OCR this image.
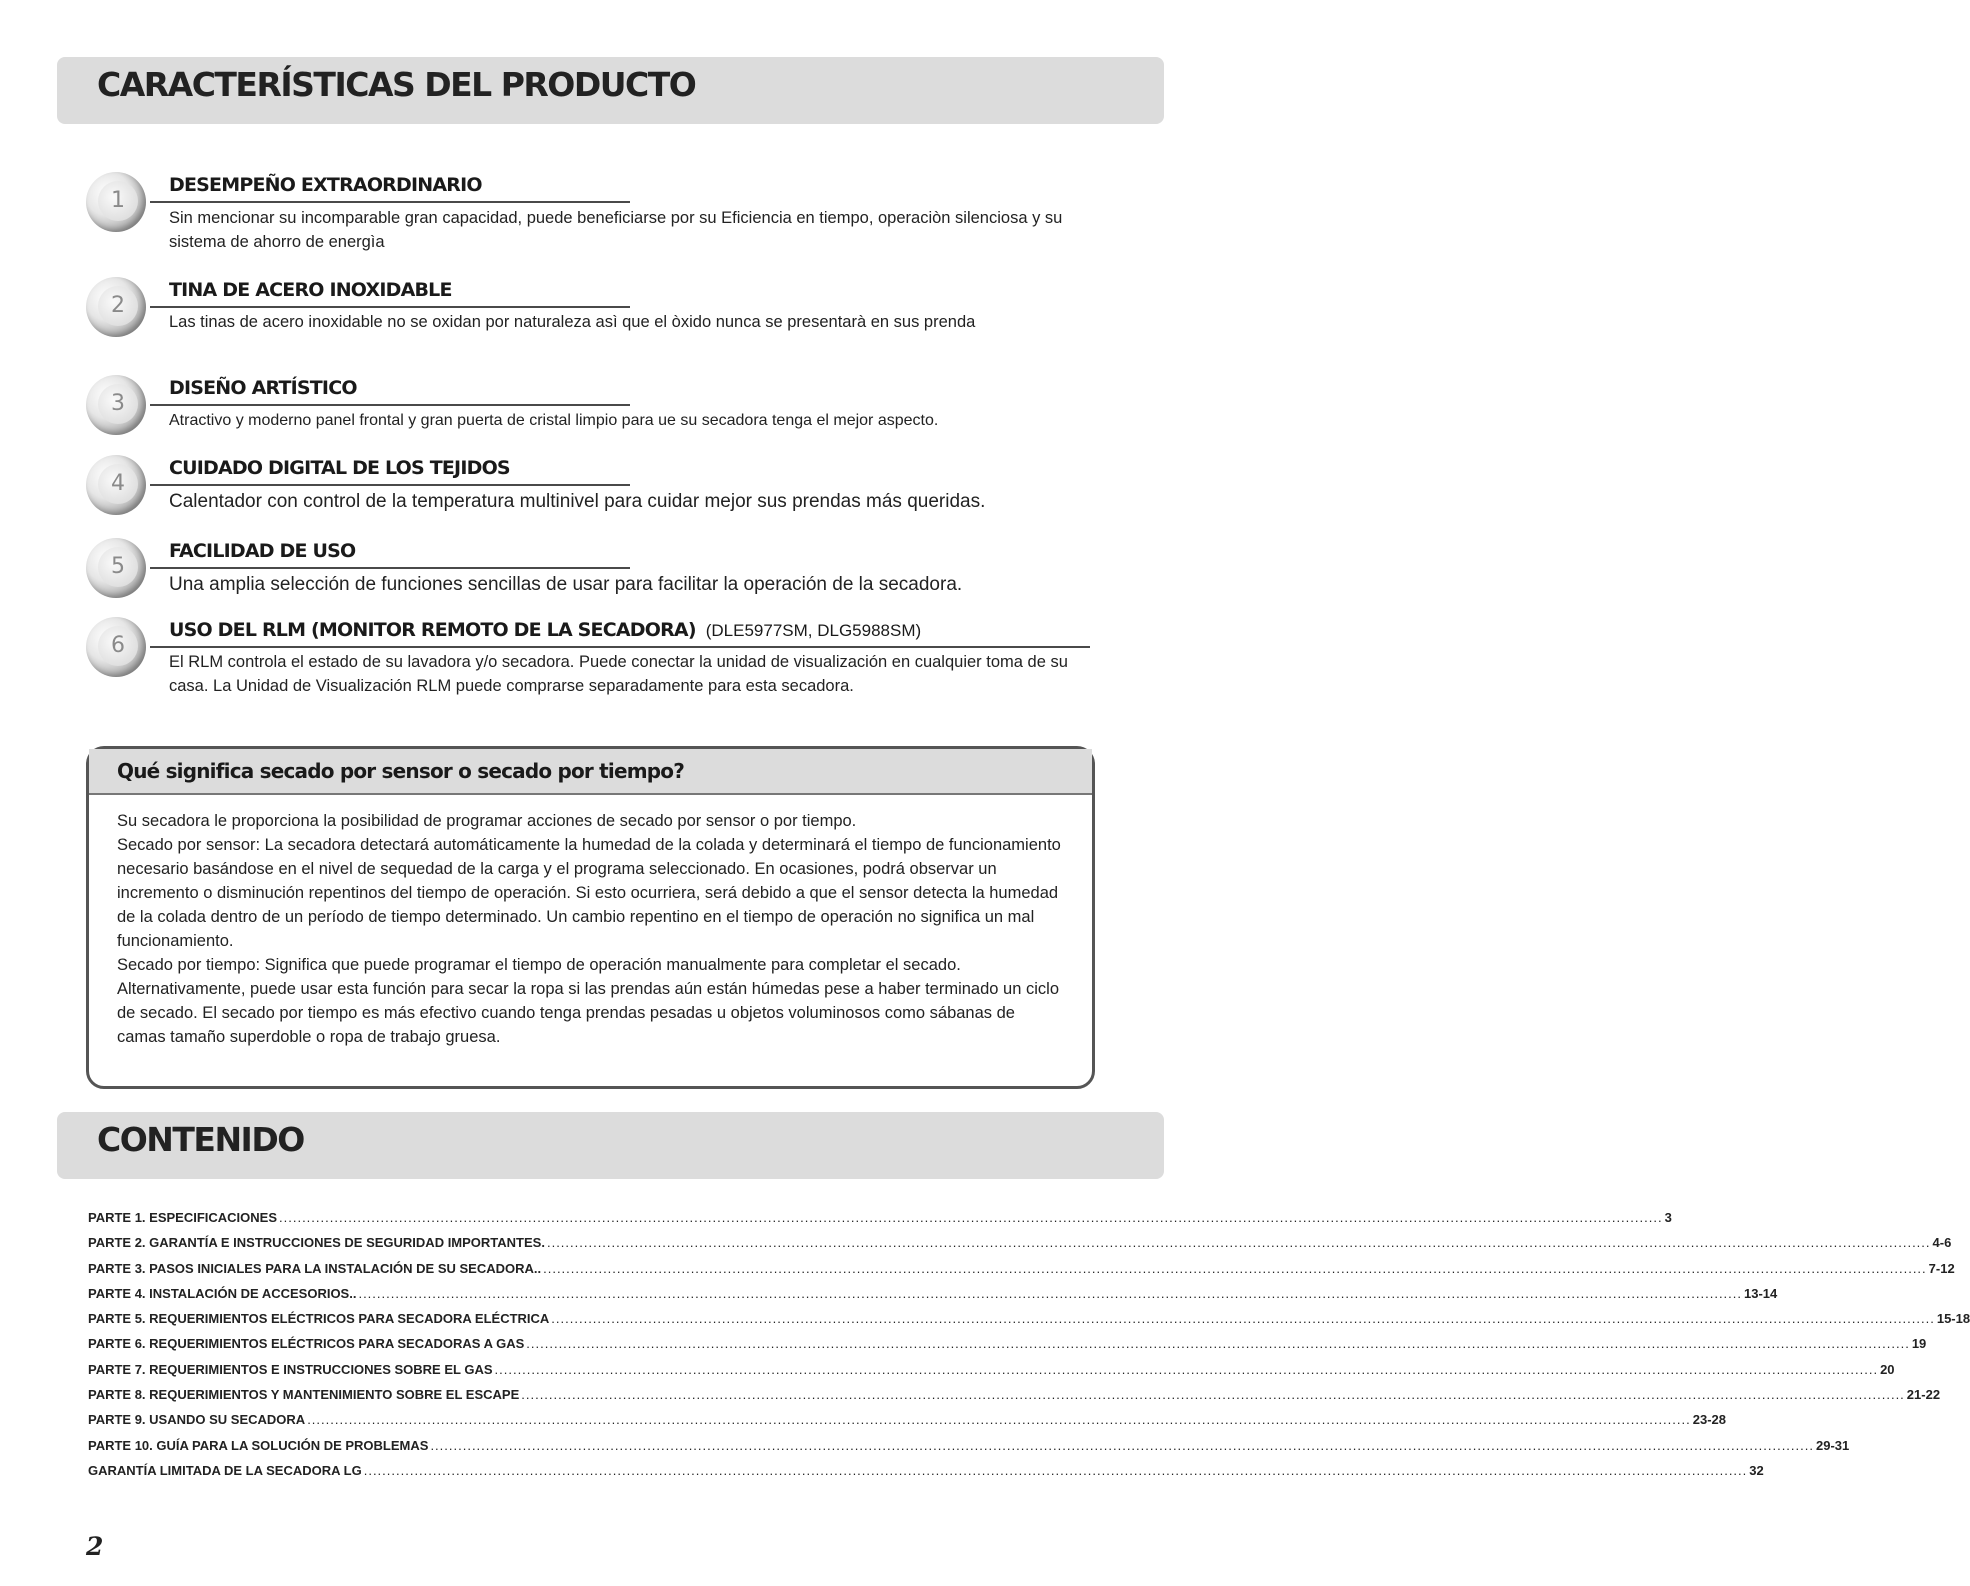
CARACTERÍSTICAS DEL PRODUCTO
1
DESEMPEÑO EXTRAORDINARIO
Sin mencionar su incomparable gran capacidad, puede beneficiarse por su Eficiencia en tiempo, operaciòn silenciosa y su sistema de ahorro de energìa
2
TINA DE ACERO INOXIDABLE
Las tinas de acero inoxidable no se oxidan por naturaleza asì que el òxido nunca se presentarà en sus prenda
3
DISEÑO ARTÍSTICO
Atractivo y moderno panel frontal y gran puerta de cristal limpio para ue su secadora tenga el mejor aspecto.
4
CUIDADO DIGITAL DE LOS TEJIDOS
Calentador con control de la temperatura multinivel para cuidar mejor sus prendas más queridas.
5
FACILIDAD DE USO
Una amplia selección de funciones sencillas de usar para facilitar la operación de la secadora.
6
USO DEL RLM (MONITOR REMOTO DE LA SECADORA) (DLE5977SM, DLG5988SM)
El RLM controla el estado de su lavadora y/o secadora. Puede conectar la unidad de visualización en cualquier toma de su casa. La Unidad de Visualización RLM puede comprarse separadamente para esta secadora.
Qué significa secado por sensor o secado por tiempo?
Su secadora le proporciona la posibilidad de programar acciones de secado por sensor o por tiempo.
Secado por sensor: La secadora detectará automáticamente la humedad de la colada y determinará el tiempo de funcionamiento necesario basándose en el nivel de sequedad de la carga y el programa seleccionado. En ocasiones, podrá observar un incremento o disminución repentinos del tiempo de operación. Si esto ocurriera, será debido a que el sensor detecta la humedad de la colada dentro de un período de tiempo determinado. Un cambio repentino en el tiempo de operación no significa un mal funcionamiento.
Secado por tiempo: Significa que puede programar el tiempo de operación manualmente para completar el secado. Alternativamente, puede usar esta función para secar la ropa si las prendas aún están húmedas pese a haber terminado un ciclo de secado. El secado por tiempo es más efectivo cuando tenga prendas pesadas u objetos voluminosos como sábanas de camas tamaño superdoble o ropa de trabajo gruesa.
CONTENIDO
PARTE 1. ESPECIFICACIONES ............................................................................................................................................................................................................................................................................................................ 3
PARTE 2. GARANTÍA E INSTRUCCIONES DE SEGURIDAD IMPORTANTES. ............................................................................................................................................................................................................................................................................................................ 4-6
PARTE 3. PASOS INICIALES PARA LA INSTALACIÓN DE SU SECADORA.. ............................................................................................................................................................................................................................................................................................................ 7-12
PARTE 4. INSTALACIÓN DE ACCESORIOS.. ............................................................................................................................................................................................................................................................................................................ 13-14
PARTE 5. REQUERIMIENTOS ELÉCTRICOS PARA SECADORA ELÉCTRICA ............................................................................................................................................................................................................................................................................................................ 15-18
PARTE 6. REQUERIMIENTOS ELÉCTRICOS PARA SECADORAS A GAS ............................................................................................................................................................................................................................................................................................................ 19
PARTE 7. REQUERIMIENTOS E INSTRUCCIONES SOBRE EL GAS ............................................................................................................................................................................................................................................................................................................ 20
PARTE 8. REQUERIMIENTOS Y MANTENIMIENTO SOBRE EL ESCAPE ............................................................................................................................................................................................................................................................................................................ 21-22
PARTE 9. USANDO SU SECADORA ............................................................................................................................................................................................................................................................................................................ 23-28
PARTE 10. GUÍA PARA LA SOLUCIÓN DE PROBLEMAS ............................................................................................................................................................................................................................................................................................................ 29-31
GARANTÍA LIMITADA DE LA SECADORA LG ............................................................................................................................................................................................................................................................................................................ 32
2
